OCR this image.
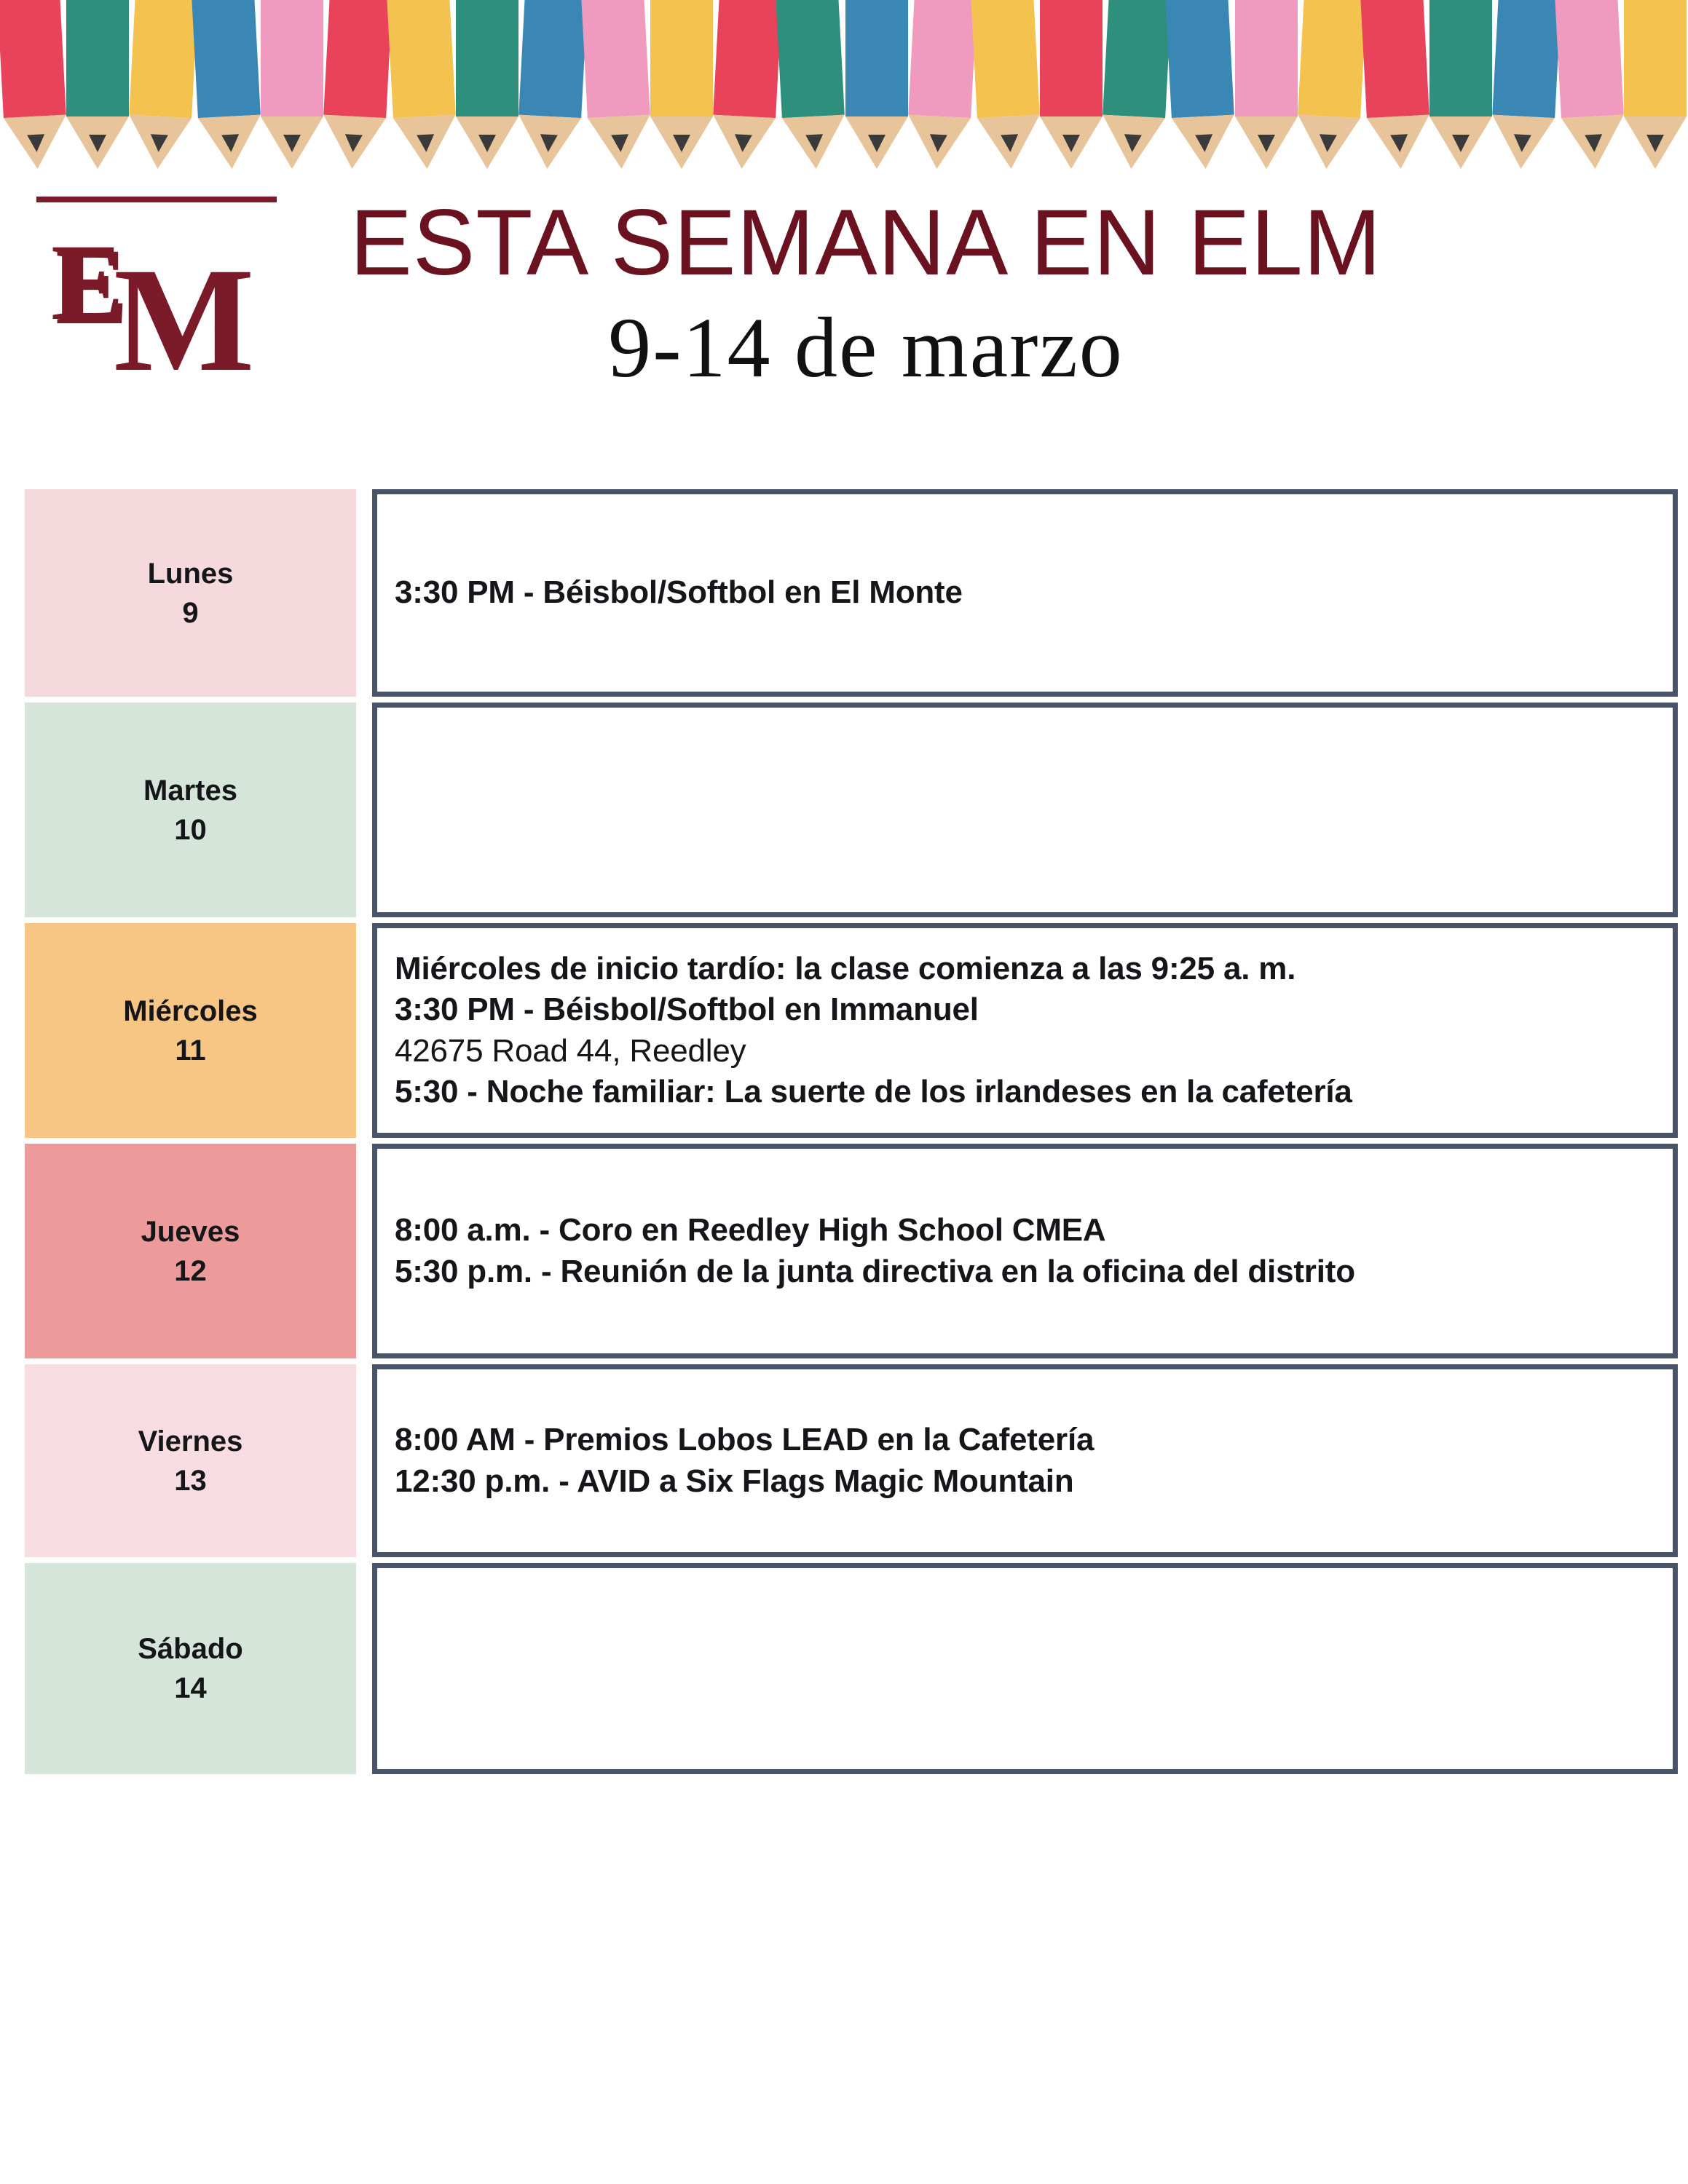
E M	ESTA SEMANA EN ELM
9-14 de marzo
Lunes
9
3:30 PM - Béisbol/Softbol en El Monte
Martes
10
Miércoles
11
Miércoles de inicio tardío: la clase comienza a las 9:25 a. m.
3:30 PM - Béisbol/Softbol en Immanuel
42675 Road 44, Reedley
5:30 - Noche familiar: La suerte de los irlandeses en la cafetería
Jueves
12
8:00 a.m. - Coro en Reedley High School CMEA
5:30 p.m. - Reunión de la junta directiva en la oficina del distrito
Viernes
13
8:00 AM - Premios Lobos LEAD en la Cafetería
12:30 p.m. - AVID a Six Flags Magic Mountain
Sábado
14
